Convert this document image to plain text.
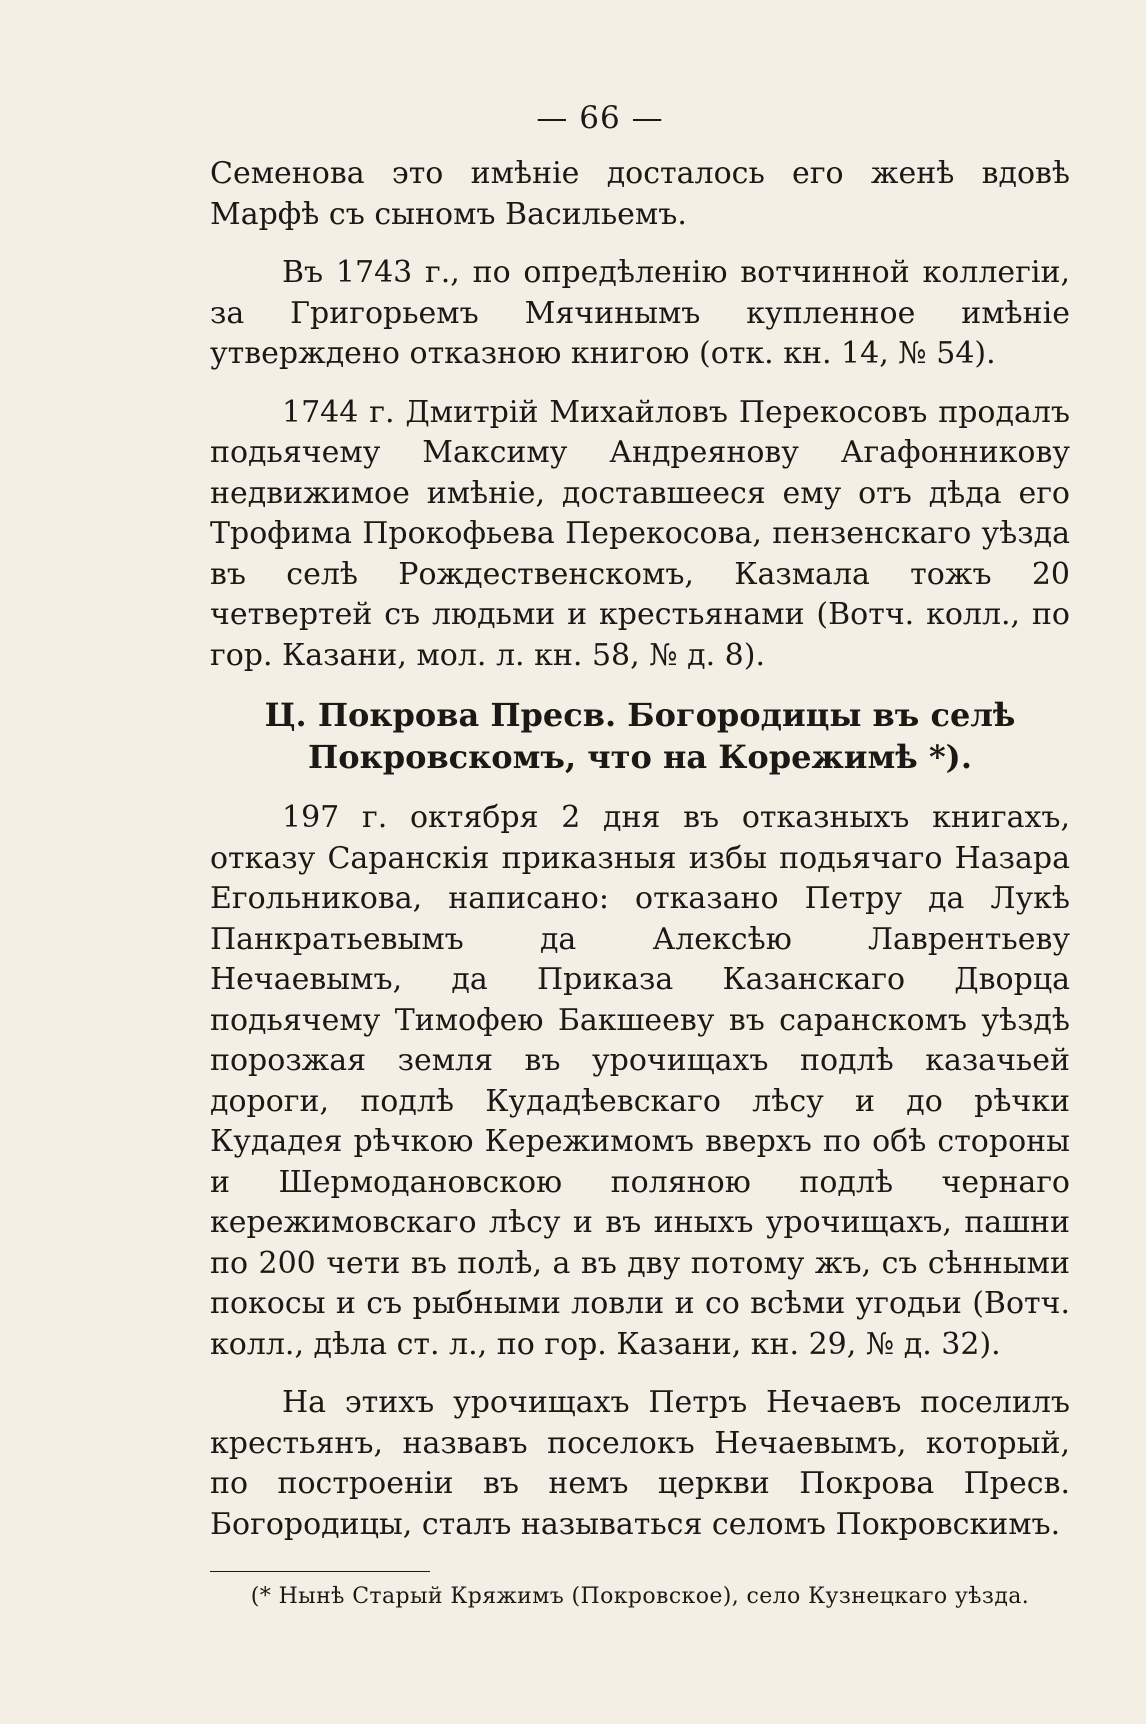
— 66 —

Семенова это имѣніе досталось его женѣ вдовѣ Марфѣ съ сыномъ Васильемъ.

Въ 1743 г., по опредѣленію вотчинной коллегіи, за Григорьемъ Мячинымъ купленное имѣніе утверждено отказною книгою (отк. кн. 14, № 54).

1744 г. Дмитрій Михайловъ Перекосовъ продалъ подьячему Максиму Андреянову Агафонникову недвижимое имѣніе, доставшееся ему отъ дѣда его Трофима Прокофьева Перекосова, пензенскаго уѣзда въ селѣ Рождественскомъ, Казмала тожъ 20 четвертей съ людьми и крестьянами (Вотч. колл., по гор. Казани, мол. л. кн. 58, № д. 8).

Ц. Покрова Пресв. Богородицы въ селѣ Покровскомъ, что на Корежимѣ *).

197 г. октября 2 дня въ отказныхъ книгахъ, отказу Саранскія приказныя избы подьячаго Назара Егольникова, написано: отказано Петру да Лукѣ Панкратьевымъ да Алексѣю Лаврентьеву Нечаевымъ, да Приказа Казанскаго Дворца подьячему Тимофею Бакшееву въ саранскомъ уѣздѣ порозжая земля въ урочищахъ подлѣ казачьей дороги, подлѣ Кудадѣевскаго лѣсу и до рѣчки Кудадея рѣчкою Кережимомъ вверхъ по обѣ стороны и Шермодановскою поляною подлѣ чернаго кережимовскаго лѣсу и въ иныхъ урочищахъ, пашни по 200 чети въ полѣ, а въ дву потому жъ, съ сѣнными покосы и съ рыбными ловли и со всѣми угодьи (Вотч. колл., дѣла ст. л., по гор. Казани, кн. 29, № д. 32).

На этихъ урочищахъ Петръ Нечаевъ поселилъ крестьянъ, назвавъ поселокъ Нечаевымъ, который, по построеніи въ немъ церкви Покрова Пресв. Богородицы, сталъ называться селомъ Покровскимъ.

(* Нынѣ Старый Кряжимъ (Покровское), село Кузнецкаго уѣзда.
